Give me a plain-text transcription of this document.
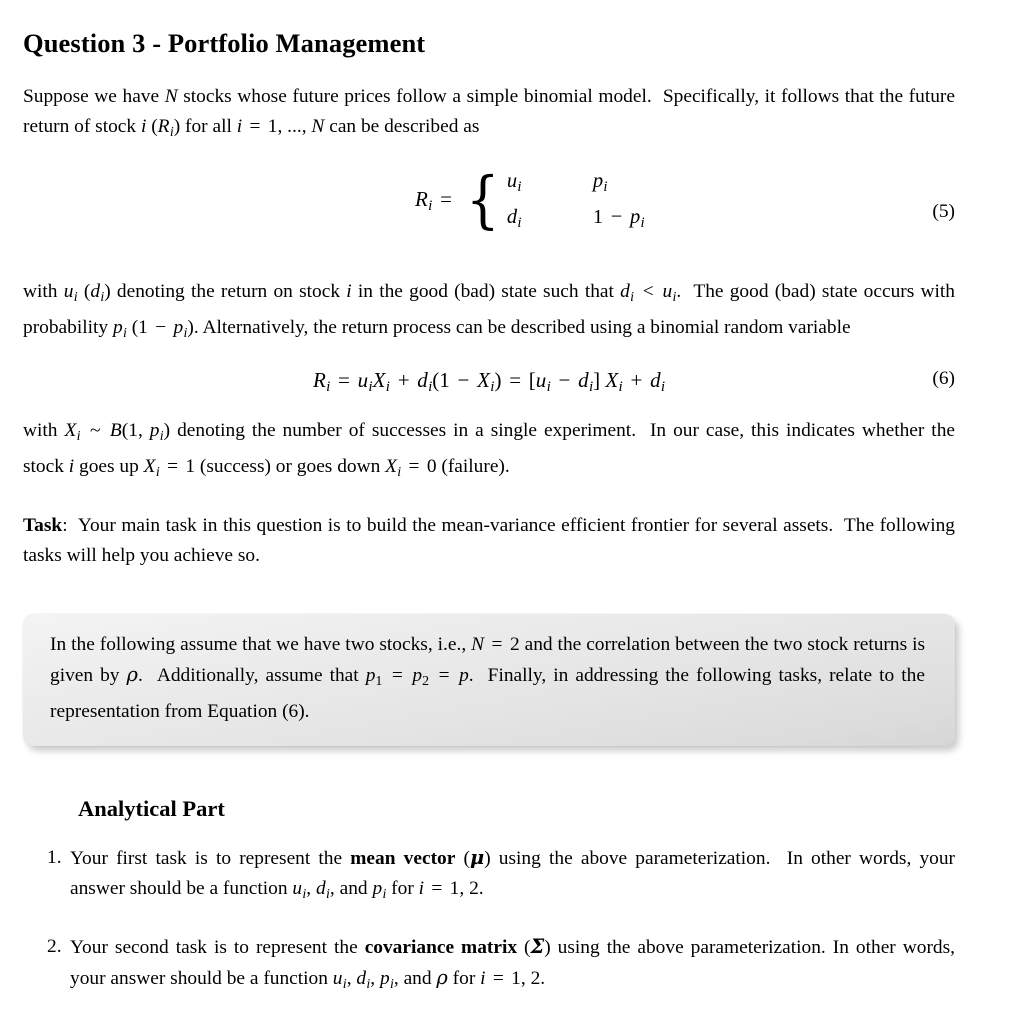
Question 3 - Portfolio Management

Suppose we have N stocks whose future prices follow a simple binomial model.  Specifically, it follows that the future return of stock i $(R_i)$ for all i = 1, ..., N can be described as

$R_i$ = { $u_i$	$p_i$
$d_i$	$1 - p_i$
(5)

with $u_i$ $(d_i)$ denoting the return on stock i in the good (bad) state such that $d_i < u_i$.  The good (bad) state occurs with probability $p_i$ $(1 - p_i)$. Alternatively, the return process can be described using a binomial random variable

$R_i = u_iX_i + d_i(1 - X_i) = [u_i - d_i] X_i + d_i$	(6)

with $X_i$ ~ B(1, $p_i$) denoting the number of successes in a single experiment.  In our case, this indicates whether the stock i goes up $X_i = 1$ (success) or goes down $X_i = 0$ (failure).

Task:  Your main task in this question is to build the mean-variance efficient frontier for several assets.  The following tasks will help you achieve so.

In the following assume that we have two stocks, i.e., N = 2 and the correlation between the two stock returns is given by ρ.  Additionally, assume that $p_1 = p_2 = p$.  Finally, in addressing the following tasks, relate to the representation from Equation (6).

Analytical Part
1. Your first task is to represent the mean vector (μ) using the above parameterization.  In other words, your answer should be a function $u_i$, $d_i$, and $p_i$ for i = 1, 2.
2. Your second task is to represent the covariance matrix (Σ) using the above parameterization. In other words, your answer should be a function $u_i$, $d_i$, $p_i$, and ρ for i = 1, 2.
